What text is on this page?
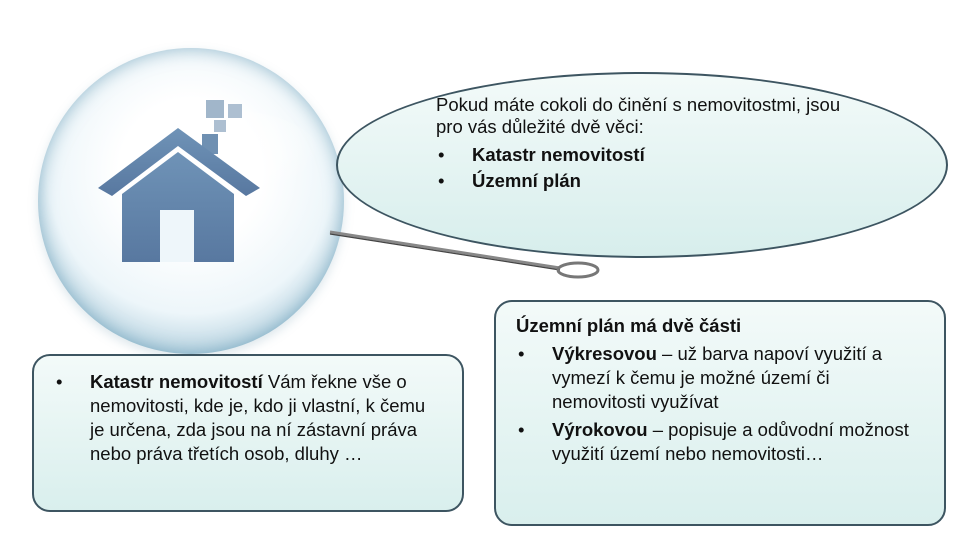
Pokud máte cokoli do činění s nemovitostmi, jsou pro vás důležité dvě věci:

• Katastr nemovitostí
• Územní plán
• Katastr nemovitostí Vám řekne vše o nemovitosti, kde je, kdo ji vlastní, k čemu je určena, zda jsou na ní zástavní práva nebo práva třetích osob, dluhy …
Územní plán má dvě části
• Výkresovou – už barva napoví využití a vymezí k čemu je možné území či nemovitosti využívat
• Výrokovou – popisuje a odůvodní možnost využití území nebo nemovitosti…
